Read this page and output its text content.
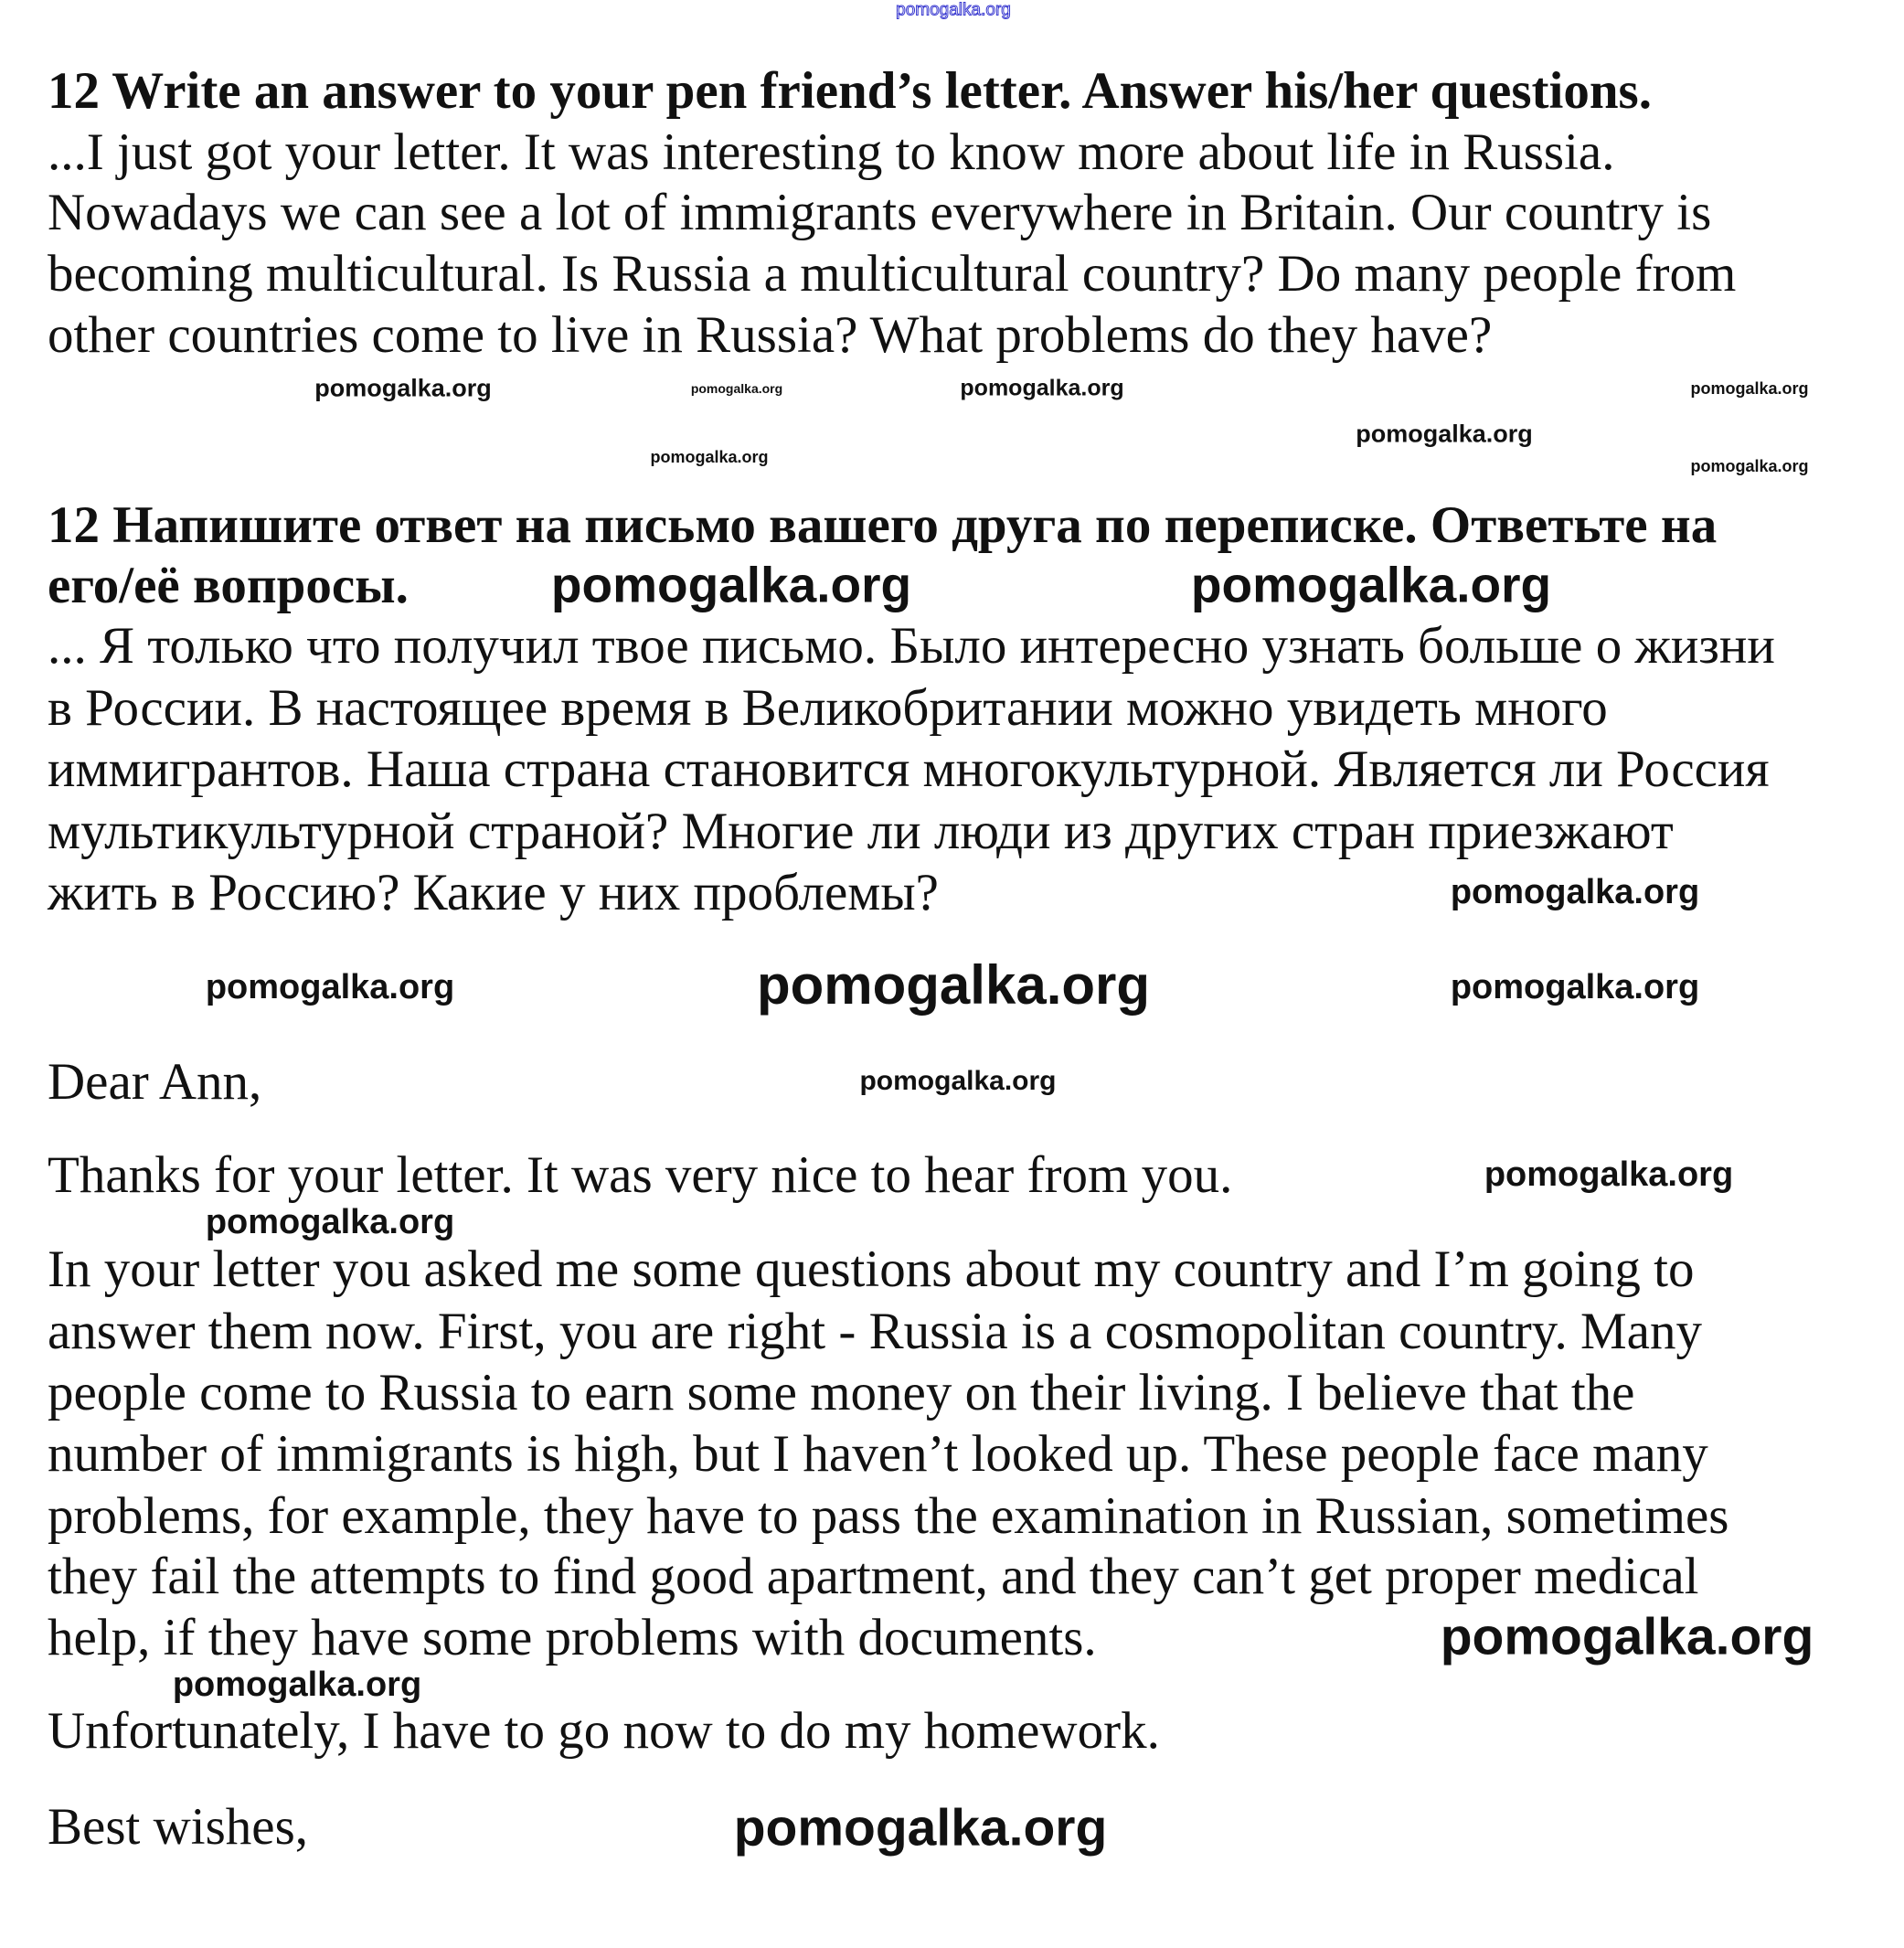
12 Write an answer to your pen friend’s letter. Answer his/her questions.
...I just got your letter. It was interesting to know more about life in Russia.
Nowadays we can see a lot of immigrants everywhere in Britain. Our country is
becoming multicultural. Is Russia a multicultural country? Do many people from
other countries come to live in Russia? What problems do they have?
12 Напишите ответ на письмо вашего друга по переписке. Ответьте на
его/её вопросы.
... Я только что получил твое письмо. Было интересно узнать больше о жизни
в России. В настоящее время в Великобритании можно увидеть много
иммигрантов. Наша страна становится многокультурной. Является ли Россия
мультикультурной страной? Многие ли люди из других стран приезжают
жить в Россию? Какие у них проблемы?
Dear Ann,
Thanks for your letter. It was very nice to hear from you.
In your letter you asked me some questions about my country and I’m going to
answer them now. First, you are right - Russia is a cosmopolitan country. Many
people come to Russia to earn some money on their living. I believe that the
number of immigrants is high, but I haven’t looked up. These people face many
problems, for example, they have to pass the examination in Russian, sometimes
they fail the attempts to find good apartment, and they can’t get proper medical
help, if they have some problems with documents.
Unfortunately, I have to go now to do my homework.
Best wishes,
pomogalka.org
pomogalka.org	pomogalka.org
pomogalka.org	pomogalka.org
pomogalka.org
pomogalka.org
pomogalka.org
pomogalka.org	pomogalka.org
pomogalka.org
pomogalka.org	pomogalka.org	pomogalka.org
pomogalka.org
pomogalka.org
pomogalka.org
pomogalka.org
pomogalka.org
pomogalka.org
